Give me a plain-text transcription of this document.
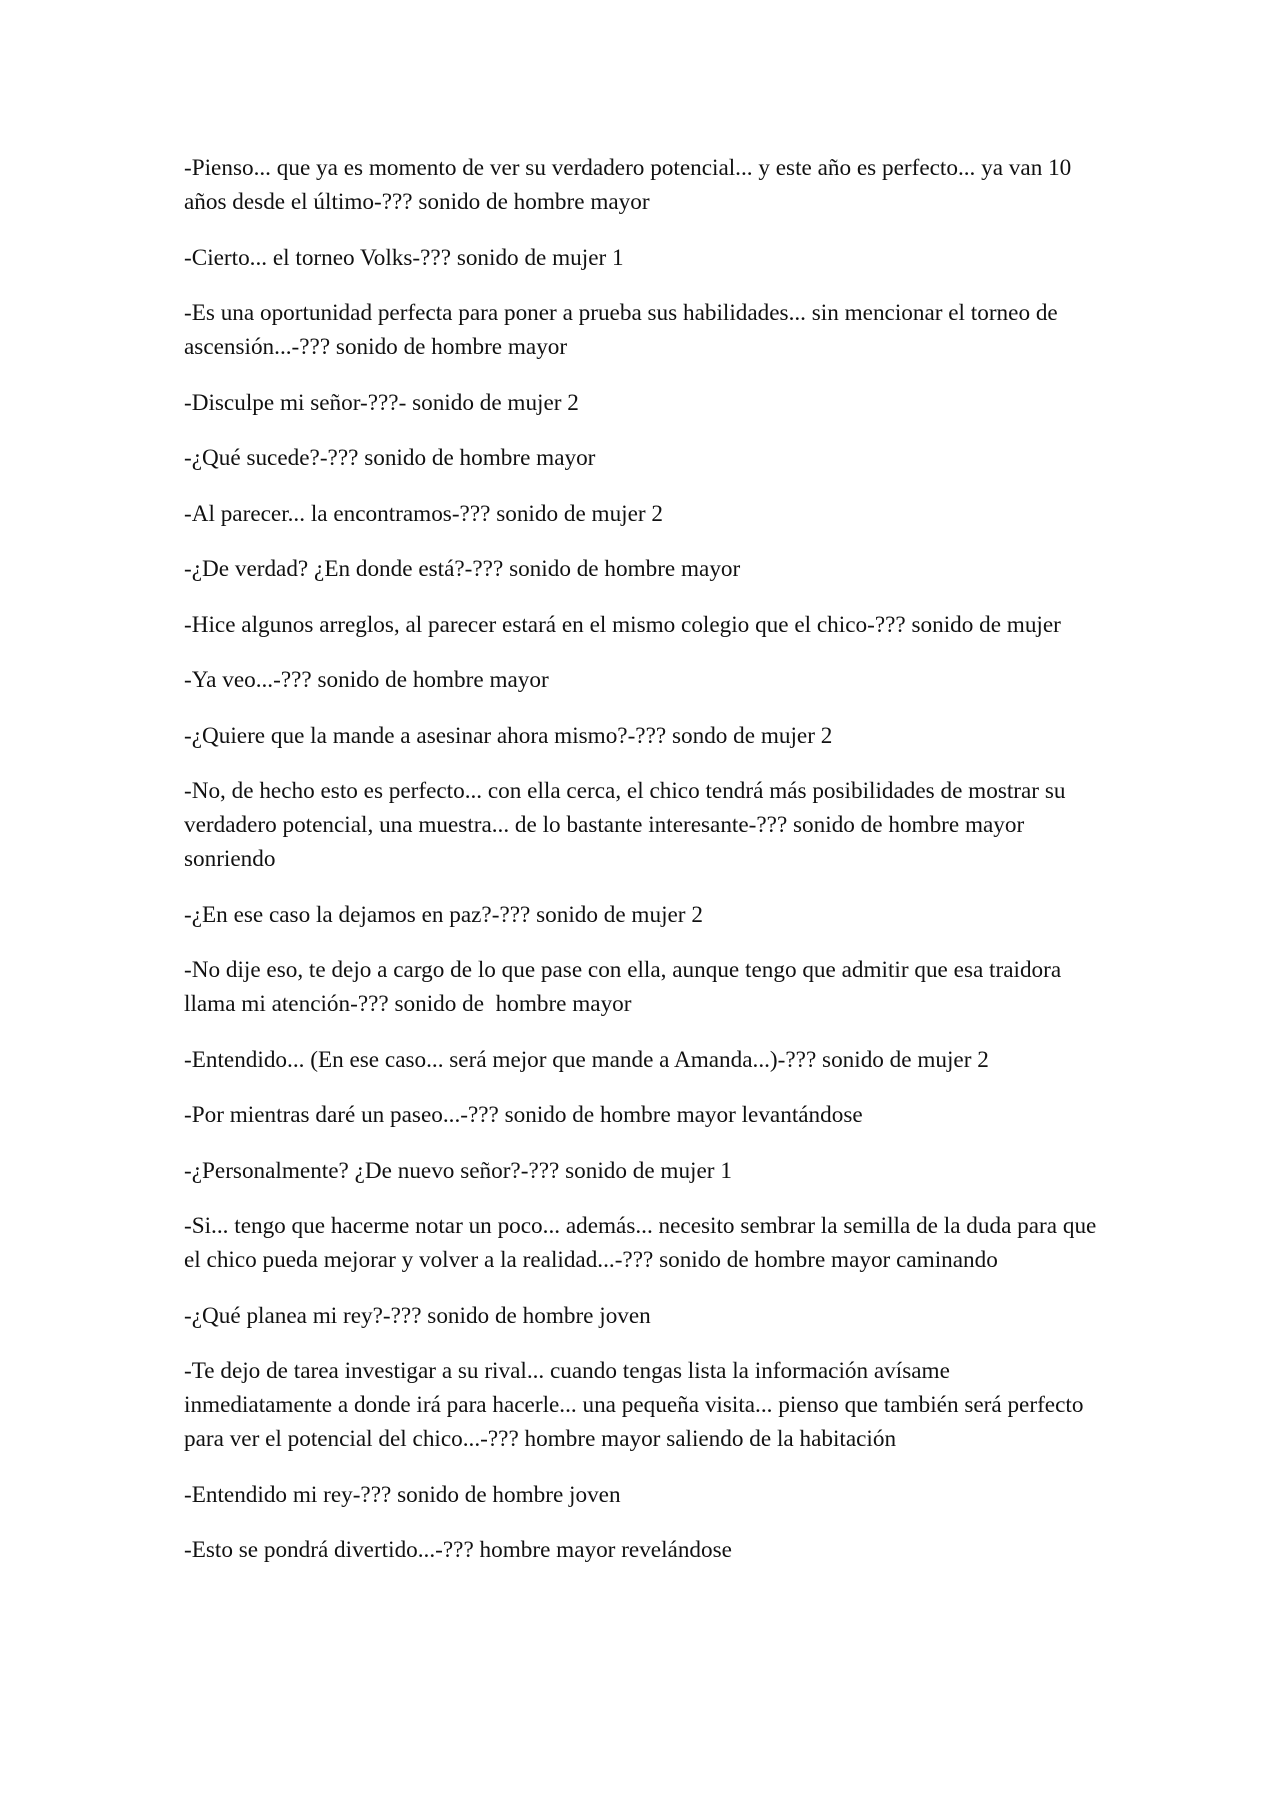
-Pienso... que ya es momento de ver su verdadero potencial... y este año es perfecto... ya van 10 años desde el último-??? sonido de hombre mayor

-Cierto... el torneo Volks-??? sonido de mujer 1

-Es una oportunidad perfecta para poner a prueba sus habilidades... sin mencionar el torneo de ascensión...-??? sonido de hombre mayor

-Disculpe mi señor-???- sonido de mujer 2

-¿Qué sucede?-??? sonido de hombre mayor

-Al parecer... la encontramos-??? sonido de mujer 2

-¿De verdad? ¿En donde está?-??? sonido de hombre mayor

-Hice algunos arreglos, al parecer estará en el mismo colegio que el chico-??? sonido de mujer

-Ya veo...-??? sonido de hombre mayor

-¿Quiere que la mande a asesinar ahora mismo?-??? sondo de mujer 2

-No, de hecho esto es perfecto... con ella cerca, el chico tendrá más posibilidades de mostrar su verdadero potencial, una muestra... de lo bastante interesante-??? sonido de hombre mayor sonriendo

-¿En ese caso la dejamos en paz?-??? sonido de mujer 2

-No dije eso, te dejo a cargo de lo que pase con ella, aunque tengo que admitir que esa traidora llama mi atención-??? sonido de  hombre mayor

-Entendido... (En ese caso... será mejor que mande a Amanda...)-??? sonido de mujer 2

-Por mientras daré un paseo...-??? sonido de hombre mayor levantándose

-¿Personalmente? ¿De nuevo señor?-??? sonido de mujer 1

-Si... tengo que hacerme notar un poco... además... necesito sembrar la semilla de la duda para que el chico pueda mejorar y volver a la realidad...-??? sonido de hombre mayor caminando

-¿Qué planea mi rey?-??? sonido de hombre joven

-Te dejo de tarea investigar a su rival... cuando tengas lista la información avísame inmediatamente a donde irá para hacerle... una pequeña visita... pienso que también será perfecto para ver el potencial del chico...-??? hombre mayor saliendo de la habitación

-Entendido mi rey-??? sonido de hombre joven

-Esto se pondrá divertido...-??? hombre mayor revelándose
